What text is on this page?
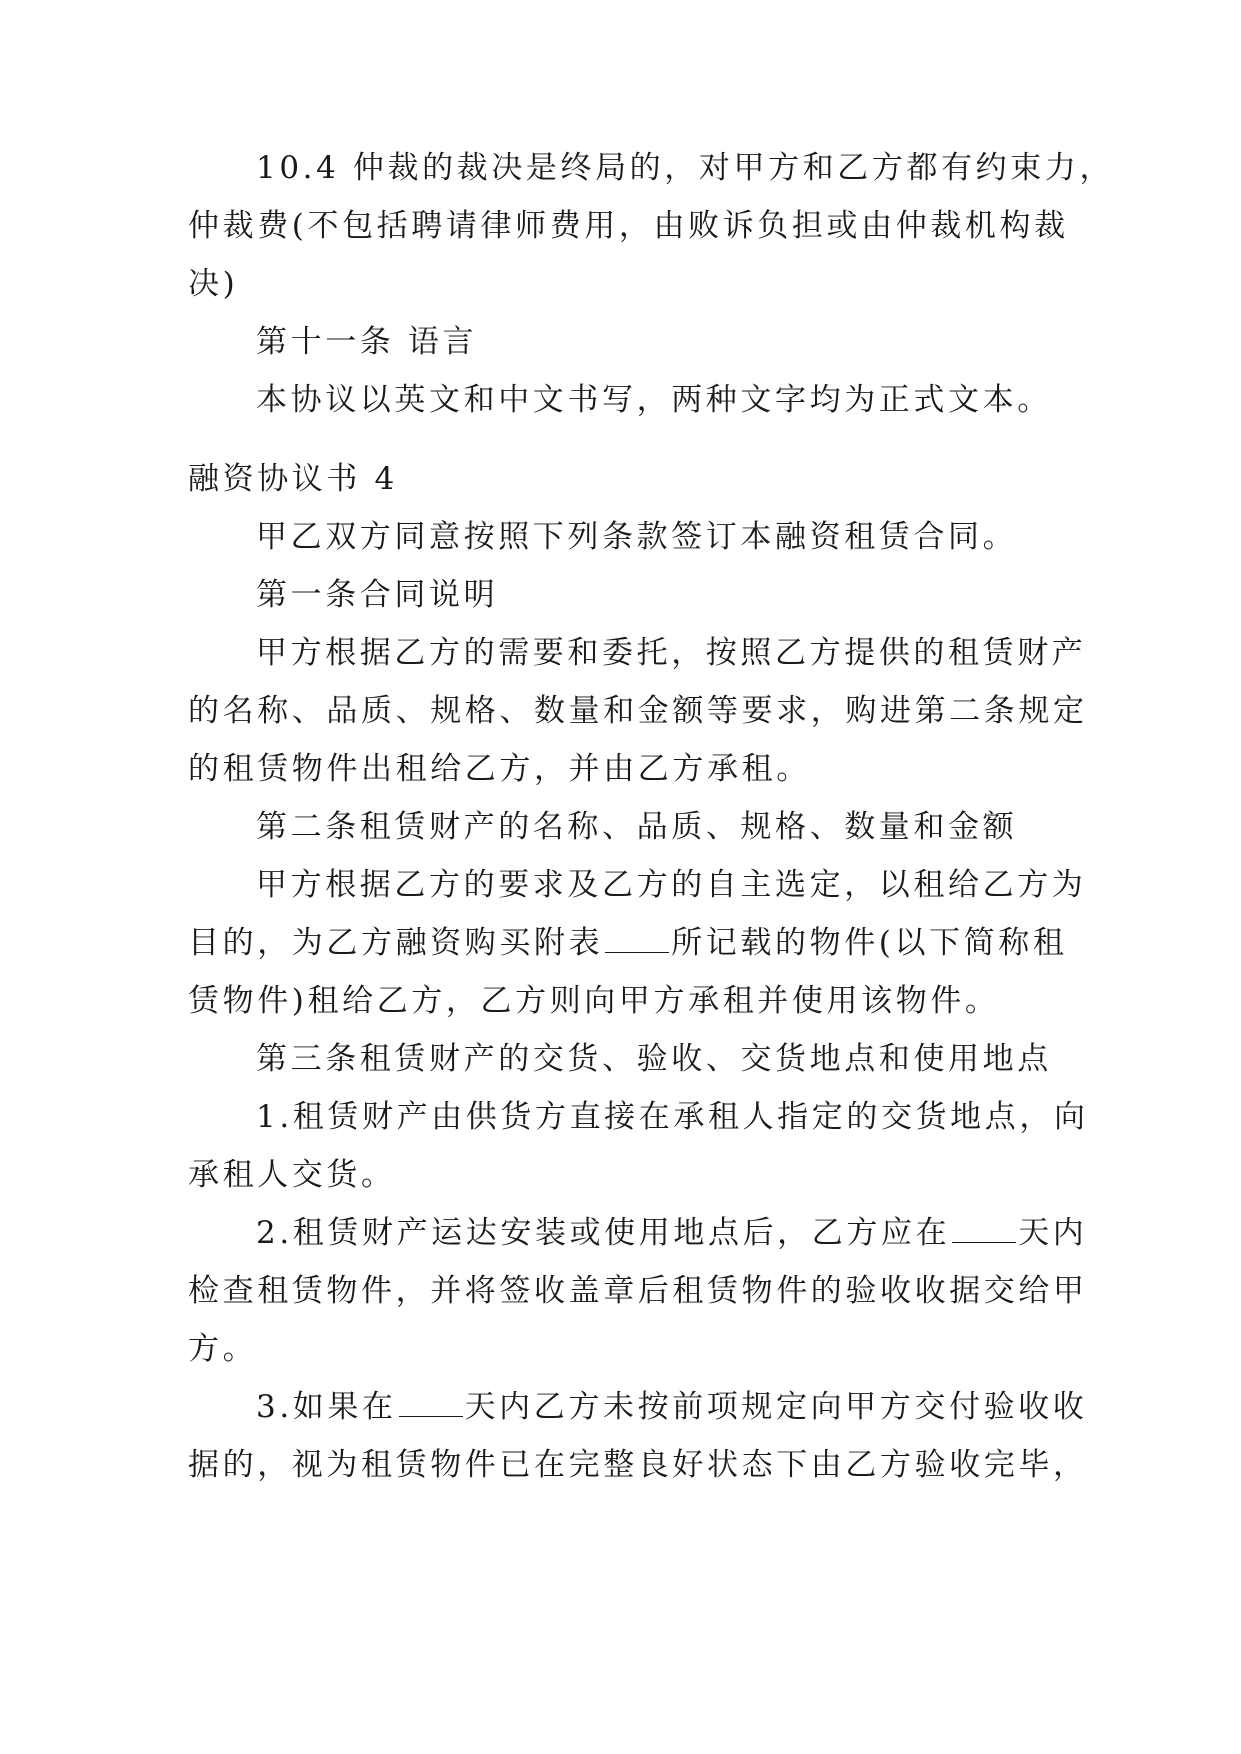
10.4 仲裁的裁决是终局的，对甲方和乙方都有约束力，
仲裁费(不包括聘请律师费用，由败诉负担或由仲裁机构裁
决)
第十一条 语言
本协议以英文和中文书写，两种文字均为正式文本。
融资协议书 4
甲乙双方同意按照下列条款签订本融资租赁合同。
第一条合同说明
甲方根据乙方的需要和委托，按照乙方提供的租赁财产
的名称、品质、规格、数量和金额等要求，购进第二条规定
的租赁物件出租给乙方，并由乙方承租。
第二条租赁财产的名称、品质、规格、数量和金额
甲方根据乙方的要求及乙方的自主选定，以租给乙方为
目的，为乙方融资购买附表 所记载的物件(以下简称租
赁物件)租给乙方，乙方则向甲方承租并使用该物件。
第三条租赁财产的交货、验收、交货地点和使用地点
1.租赁财产由供货方直接在承租人指定的交货地点，向
承租人交货。
2.租赁财产运达安装或使用地点后，乙方应在 天内
检查租赁物件，并将签收盖章后租赁物件的验收收据交给甲
方。
3.如果在 天内乙方未按前项规定向甲方交付验收收
据的，视为租赁物件已在完整良好状态下由乙方验收完毕，
